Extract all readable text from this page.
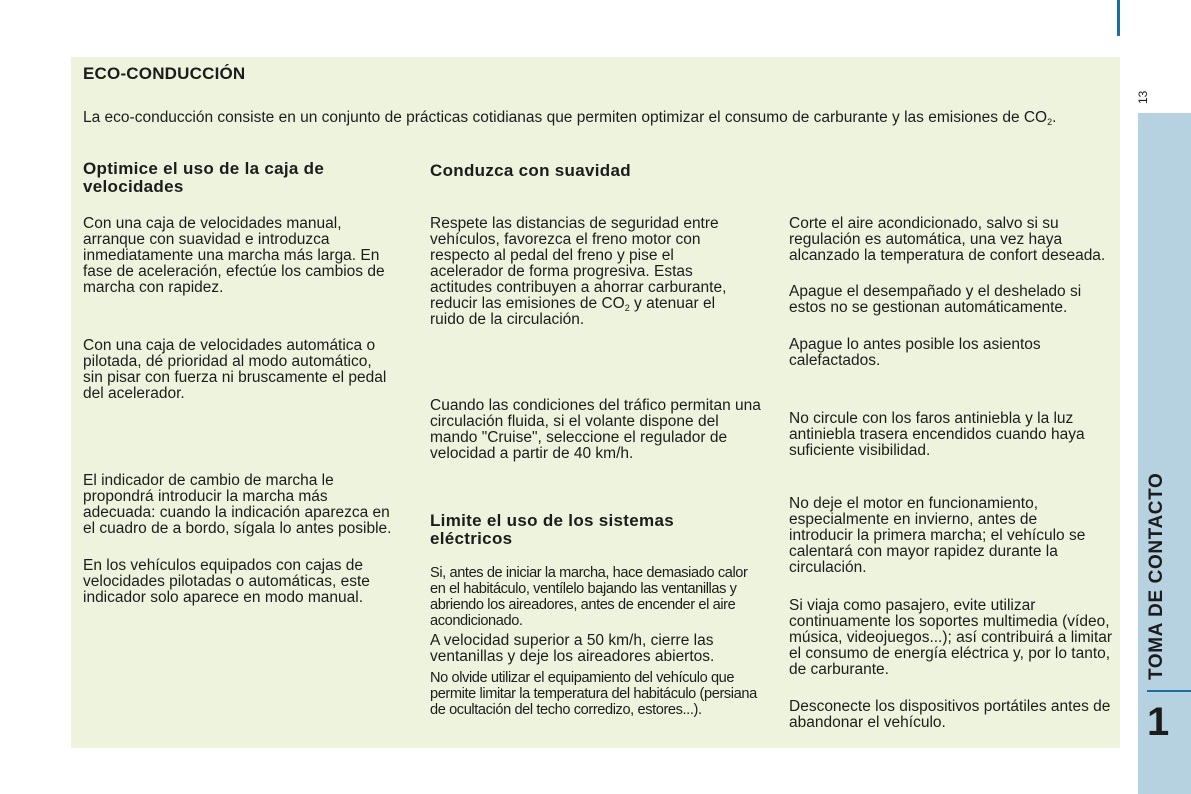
ECO-CONDUCCIÓN
La eco-conducción consiste en un conjunto de prácticas cotidianas que permiten optimizar el consumo de carburante y las emisiones de $CO_2$.
Optimice el uso de la caja de velocidades

Con una caja de velocidades manual, arranque con suavidad e introduzca inmediatamente una marcha más larga. En fase de aceleración, efectúe los cambios de marcha con rapidez.

Con una caja de velocidades automática o pilotada, dé prioridad al modo automático, sin pisar con fuerza ni bruscamente el pedal del acelerador.

El indicador de cambio de marcha le propondrá introducir la marcha más adecuada: cuando la indicación aparezca en el cuadro de a bordo, sígala lo antes posible.

En los vehículos equipados con cajas de velocidades pilotadas o automáticas, este indicador solo aparece en modo manual.

Conduzca con suavidad

Respete las distancias de seguridad entre vehículos, favorezca el freno motor con respecto al pedal del freno y pise el acelerador de forma progresiva. Estas actitudes contribuyen a ahorrar carburante, reducir las emisiones de $CO_2$ y atenuar el ruido de la circulación.

Cuando las condiciones del tráfico permitan una circulación fluida, si el volante dispone del mando "Cruise", seleccione el regulador de velocidad a partir de 40 km/h.

Limite el uso de los sistemas eléctricos

Si, antes de iniciar la marcha, hace demasiado calor en el habitáculo, ventílelo bajando las ventanillas y abriendo los aireadores, antes de encender el aire acondicionado.

A velocidad superior a 50 km/h, cierre las ventanillas y deje los aireadores abiertos.

No olvide utilizar el equipamiento del vehículo que permite limitar la temperatura del habitáculo (persiana de ocultación del techo corredizo, estores...).

Corte el aire acondicionado, salvo si su regulación es automática, una vez haya alcanzado la temperatura de confort deseada.

Apague el desempañado y el deshelado si estos no se gestionan automáticamente.

Apague lo antes posible los asientos calefactados.

No circule con los faros antiniebla y la luz antiniebla trasera encendidos cuando haya suficiente visibilidad.

No deje el motor en funcionamiento, especialmente en invierno, antes de introducir la primera marcha; el vehículo se calentará con mayor rapidez durante la circulación.

Si viaja como pasajero, evite utilizar continuamente los soportes multimedia (vídeo, música, videojuegos...); así contribuirá a limitar el consumo de energía eléctrica y, por lo tanto, de carburante.

Desconecte los dispositivos portátiles antes de abandonar el vehículo.

13
TOMA DE CONTACTO
1
